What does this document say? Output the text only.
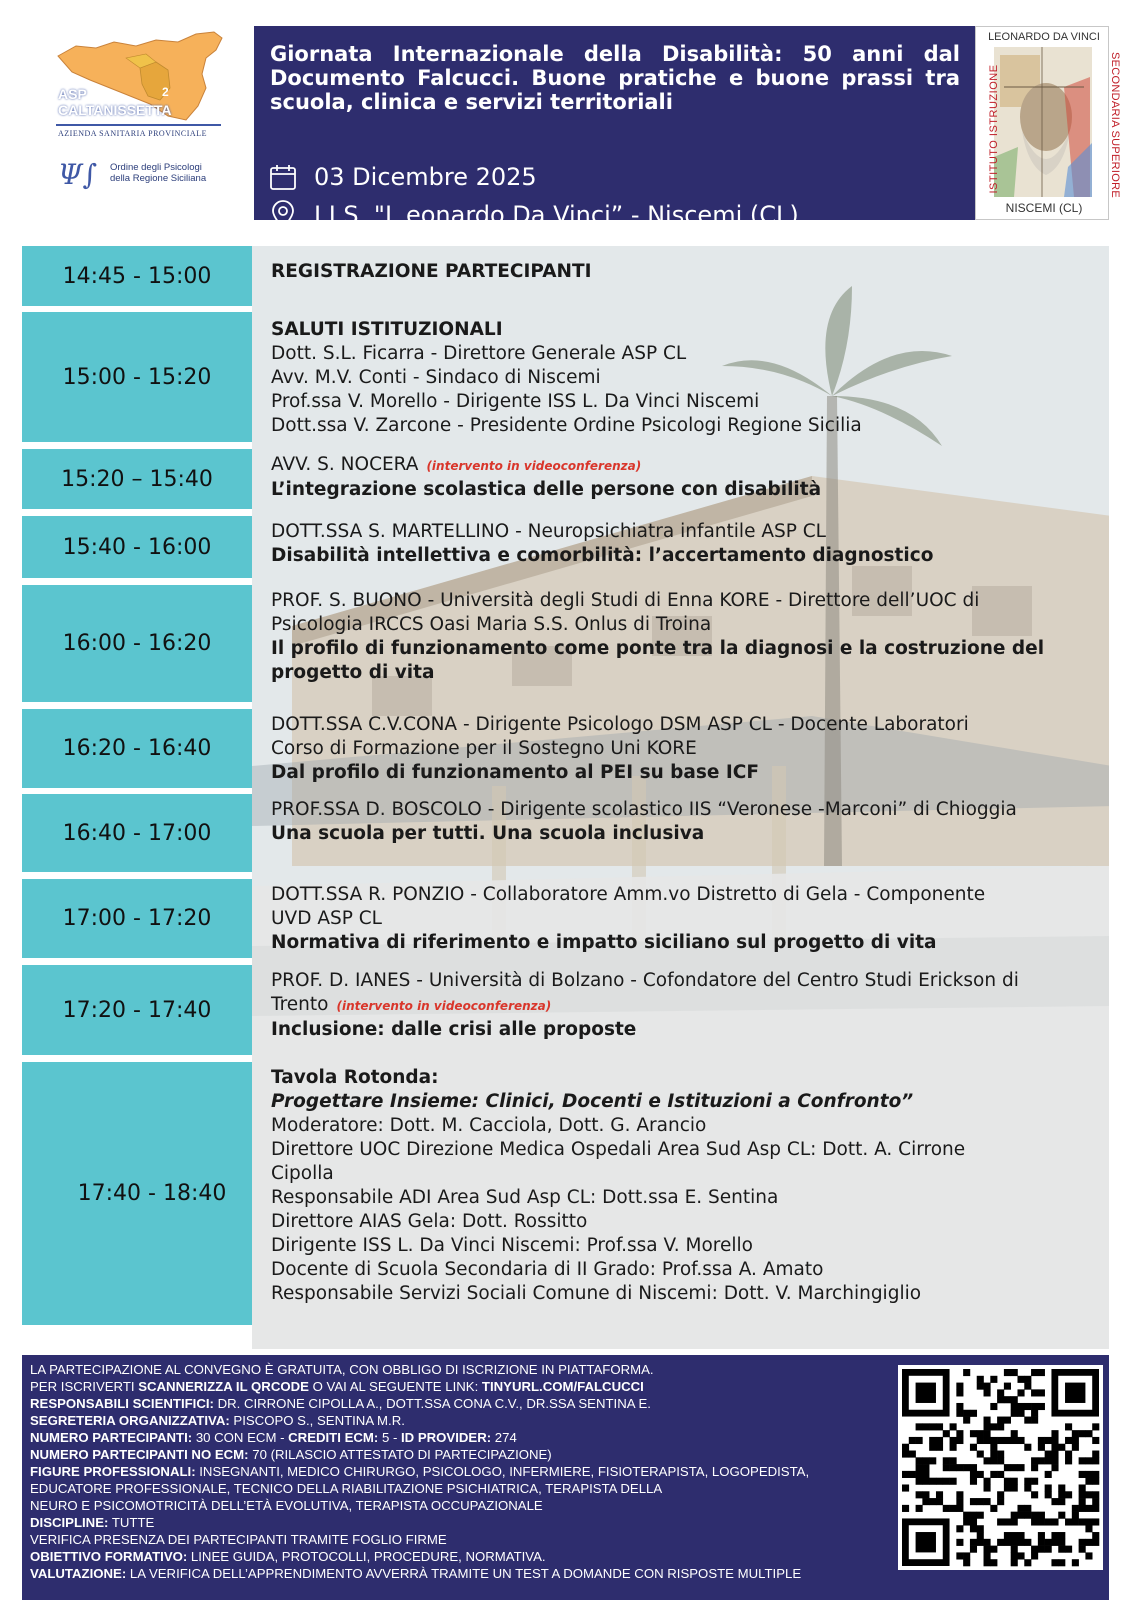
2
ASP
CALTANISSETTA
AZIENDA SANITARIA PROVINCIALE
Ψ∫ Ordine degli Psicologi
della Regione Siciliana
Giornata Internazionale della Disabilità: 50 anni dal Documento Falcucci. Buone pratiche e buone prassi tra scuola, clinica e servizi territoriali
03 Dicembre 2025
I.I.S. "L.eonardo Da Vinci” - Niscemi (CL)
LEONARDO DA VINCI
ISTITUTO ISTRUZIONE	SECONDARIA SUPERIORE
NISCEMI (CL)
14:45 - 15:00	REGISTRAZIONE PARTECIPANTI
15:00 - 15:20
SALUTI ISTITUZIONALI
Dott. S.L. Ficarra - Direttore Generale ASP CL
Avv. M.V. Conti - Sindaco di Niscemi
Prof.ssa V. Morello - Dirigente ISS L. Da Vinci Niscemi
Dott.ssa V. Zarcone - Presidente Ordine Psicologi Regione Sicilia
15:20 – 15:40
AVV. S. NOCERA (intervento in videoconferenza)
L’integrazione scolastica delle persone con disabilità
15:40 - 16:00
DOTT.SSA S. MARTELLINO - Neuropsichiatra infantile ASP CL
Disabilità intellettiva e comorbilità: l’accertamento diagnostico
16:00 - 16:20
PROF. S. BUONO - Università degli Studi di Enna KORE - Direttore dell’UOC di
Psicologia IRCCS Oasi Maria S.S. Onlus di Troina
Il profilo di funzionamento come ponte tra la diagnosi e la costruzione del
progetto di vita
16:20 - 16:40
DOTT.SSA C.V.CONA - Dirigente Psicologo DSM ASP CL - Docente Laboratori
Corso di Formazione per il Sostegno Uni KORE
Dal profilo di funzionamento al PEI su base ICF
16:40 - 17:00
PROF.SSA D. BOSCOLO - Dirigente scolastico IIS “Veronese -Marconi” di Chioggia
Una scuola per tutti. Una scuola inclusiva
17:00 - 17:20
DOTT.SSA R. PONZIO - Collaboratore Amm.vo Distretto di Gela - Componente
UVD ASP CL
Normativa di riferimento e impatto siciliano sul progetto di vita
17:20 - 17:40
PROF. D. IANES - Università di Bolzano - Cofondatore del Centro Studi Erickson di
Trento (intervento in videoconferenza)
Inclusione: dalle crisi alle proposte
17:40 - 18:40
Tavola Rotonda:
Progettare Insieme: Clinici, Docenti e Istituzioni a Confronto”
Moderatore: Dott. M. Cacciola, Dott. G. Arancio
Direttore UOC Direzione Medica Ospedali Area Sud Asp CL: Dott. A. Cirrone
Cipolla
Responsabile ADI Area Sud Asp CL: Dott.ssa E. Sentina
Direttore AIAS Gela: Dott. Rossitto
Dirigente ISS L. Da Vinci Niscemi: Prof.ssa V. Morello
Docente di Scuola Secondaria di II Grado: Prof.ssa A. Amato
Responsabile Servizi Sociali Comune di Niscemi: Dott. V. Marchingiglio
LA PARTECIPAZIONE AL CONVEGNO È GRATUITA, CON OBBLIGO DI ISCRIZIONE IN PIATTAFORMA.
PER ISCRIVERTI SCANNERIZZA IL QRCODE O VAI AL SEGUENTE LINK: TINYURL.COM/FALCUCCI
RESPONSABILI SCIENTIFICI: DR. CIRRONE CIPOLLA A., DOTT.SSA CONA C.V., DR.SSA SENTINA E.
SEGRETERIA ORGANIZZATIVA: PISCOPO S., SENTINA M.R.
NUMERO PARTECIPANTI: 30 CON ECM - CREDITI ECM: 5 - ID PROVIDER: 274
NUMERO PARTECIPANTI NO ECM: 70 (RILASCIO ATTESTATO DI PARTECIPAZIONE)
FIGURE PROFESSIONALI: INSEGNANTI, MEDICO CHIRURGO, PSICOLOGO, INFERMIERE, FISIOTERAPISTA, LOGOPEDISTA,
EDUCATORE PROFESSIONALE, TECNICO DELLA RIABILITAZIONE PSICHIATRICA, TERAPISTA DELLA
NEURO E PSICOMOTRICITÀ DELL’ETÀ EVOLUTIVA, TERAPISTA OCCUPAZIONALE
DISCIPLINE: TUTTE
VERIFICA PRESENZA DEI PARTECIPANTI TRAMITE FOGLIO FIRME
OBIETTIVO FORMATIVO: LINEE GUIDA, PROTOCOLLI, PROCEDURE, NORMATIVA.
VALUTAZIONE: LA VERIFICA DELL’APPRENDIMENTO AVVERRÀ TRAMITE UN TEST A DOMANDE CON RISPOSTE MULTIPLE
